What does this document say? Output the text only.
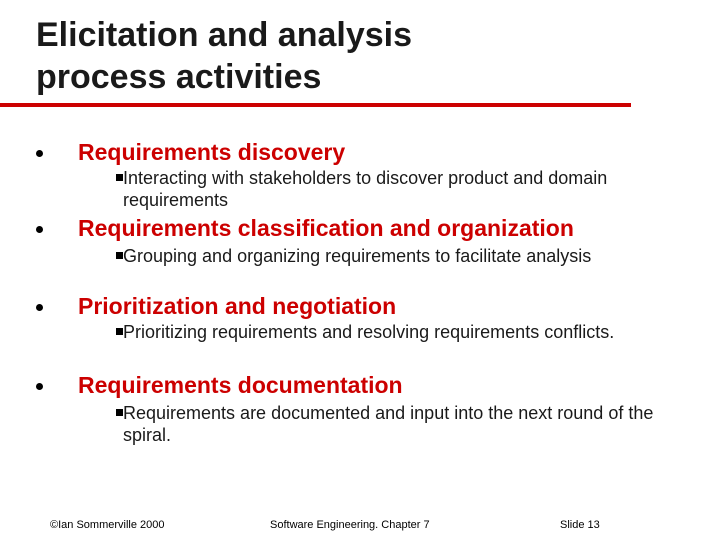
Elicitation and analysis
process activities
Requirements discovery
Interacting with stakeholders to discover product and domain requirements
Requirements classification and organization
Grouping and organizing requirements to facilitate analysis
Prioritization and negotiation
Prioritizing requirements and resolving requirements conflicts.
Requirements documentation
Requirements are documented and input into the next round of the spiral.
©Ian Sommerville 2000	Software Engineering. Chapter 7	Slide 13
